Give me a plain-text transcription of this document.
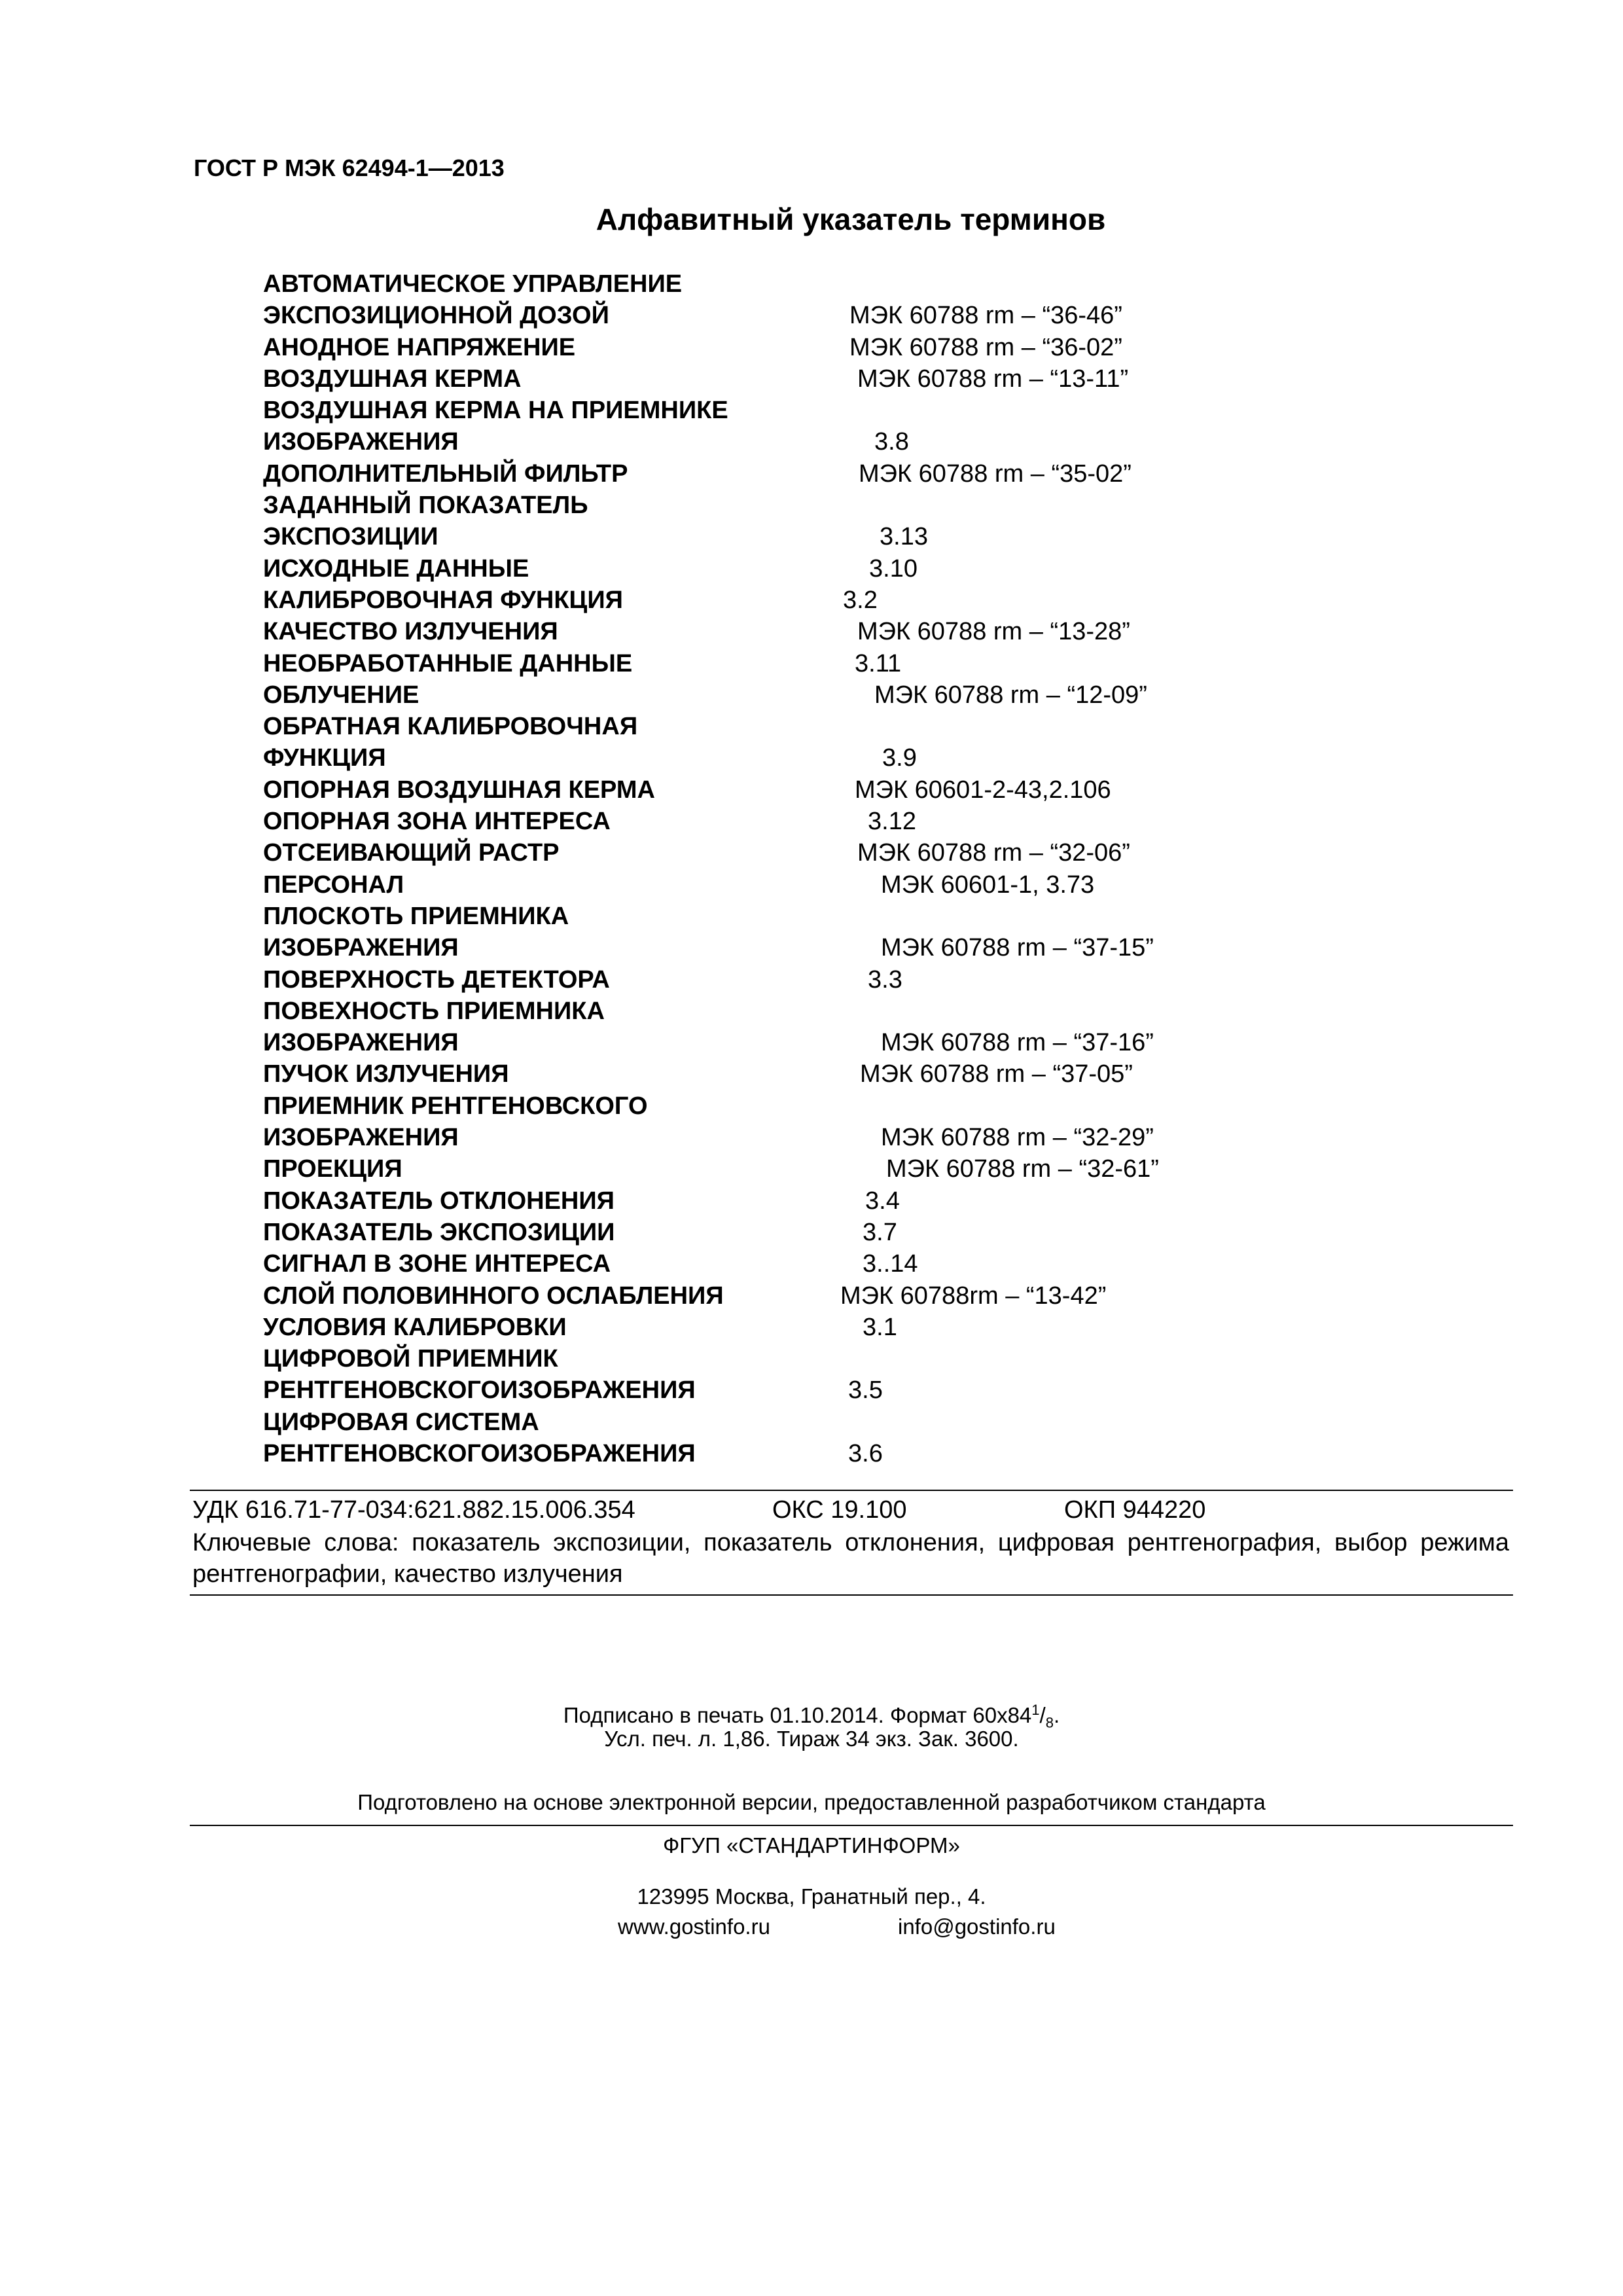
ГОСТ Р МЭК 62494-1—2013

Алфавитный указатель терминов
АВТОМАТИЧЕСКОЕ УПРАВЛЕНИЕ
ЭКСПОЗИЦИОННОЙ ДОЗОЙ	МЭК 60788 rm – “36-46”
АНОДНОЕ НАПРЯЖЕНИЕ	МЭК 60788 rm – “36-02”
ВОЗДУШНАЯ КЕРМА	МЭК 60788 rm – “13-11”
ВОЗДУШНАЯ КЕРМА НА ПРИЕМНИКЕ
ИЗОБРАЖЕНИЯ	3.8
ДОПОЛНИТЕЛЬНЫЙ ФИЛЬТР	МЭК 60788 rm – “35-02”
ЗАДАННЫЙ ПОКАЗАТЕЛЬ
ЭКСПОЗИЦИИ	3.13
ИСХОДНЫЕ ДАННЫЕ	3.10
КАЛИБРОВОЧНАЯ ФУНКЦИЯ	3.2
КАЧЕСТВО ИЗЛУЧЕНИЯ	МЭК 60788 rm – “13-28”
НЕОБРАБОТАННЫЕ ДАННЫЕ	3.11
ОБЛУЧЕНИЕ	МЭК 60788 rm – “12-09”
ОБРАТНАЯ КАЛИБРОВОЧНАЯ
ФУНКЦИЯ	3.9
ОПОРНАЯ ВОЗДУШНАЯ КЕРМА	МЭК 60601-2-43,2.106
ОПОРНАЯ ЗОНА ИНТЕРЕСА	3.12
ОТСЕИВАЮЩИЙ РАСТР	МЭК 60788 rm – “32-06”
ПЕРСОНАЛ	МЭК 60601-1, 3.73
ПЛОСКОТЬ ПРИЕМНИКА
ИЗОБРАЖЕНИЯ	МЭК 60788 rm – “37-15”
ПОВЕРХНОСТЬ ДЕТЕКТОРА	3.3
ПОВЕХНОСТЬ ПРИЕМНИКА
ИЗОБРАЖЕНИЯ	МЭК 60788 rm – “37-16”
ПУЧОК ИЗЛУЧЕНИЯ	МЭК 60788 rm – “37-05”
ПРИЕМНИК РЕНТГЕНОВСКОГО
ИЗОБРАЖЕНИЯ	МЭК 60788 rm – “32-29”
ПРОЕКЦИЯ	МЭК 60788 rm – “32-61”
ПОКАЗАТЕЛЬ ОТКЛОНЕНИЯ	3.4
ПОКАЗАТЕЛЬ ЭКСПОЗИЦИИ	3.7
СИГНАЛ В ЗОНЕ ИНТЕРЕСА	3..14
СЛОЙ ПОЛОВИННОГО ОСЛАБЛЕНИЯ	МЭК 60788rm – “13-42”
УСЛОВИЯ КАЛИБРОВКИ	3.1
ЦИФРОВОЙ ПРИЕМНИК
РЕНТГЕНОВСКОГОИЗОБРАЖЕНИЯ	3.5
ЦИФРОВАЯ СИСТЕМА
РЕНТГЕНОВСКОГОИЗОБРАЖЕНИЯ	3.6
УДК 616.71-77-034:621.882.15.006.354	ОКС 19.100	ОКП 944220

Ключевые слова: показатель экспозиции, показатель отклонения, цифровая рентгенография, выбор режима рентгенографии, качество излучения

Подписано в печать 01.10.2014. Формат $60x84^1/_8$.

Усл. печ. л. 1,86. Тираж 34 экз. Зак. 3600.

Подготовлено на основе электронной версии, предоставленной разработчиком стандарта

ФГУП «СТАНДАРТИНФОРМ»

123995 Москва, Гранатный пер., 4.

www.gostinfo.ru	info@gostinfo.ru
